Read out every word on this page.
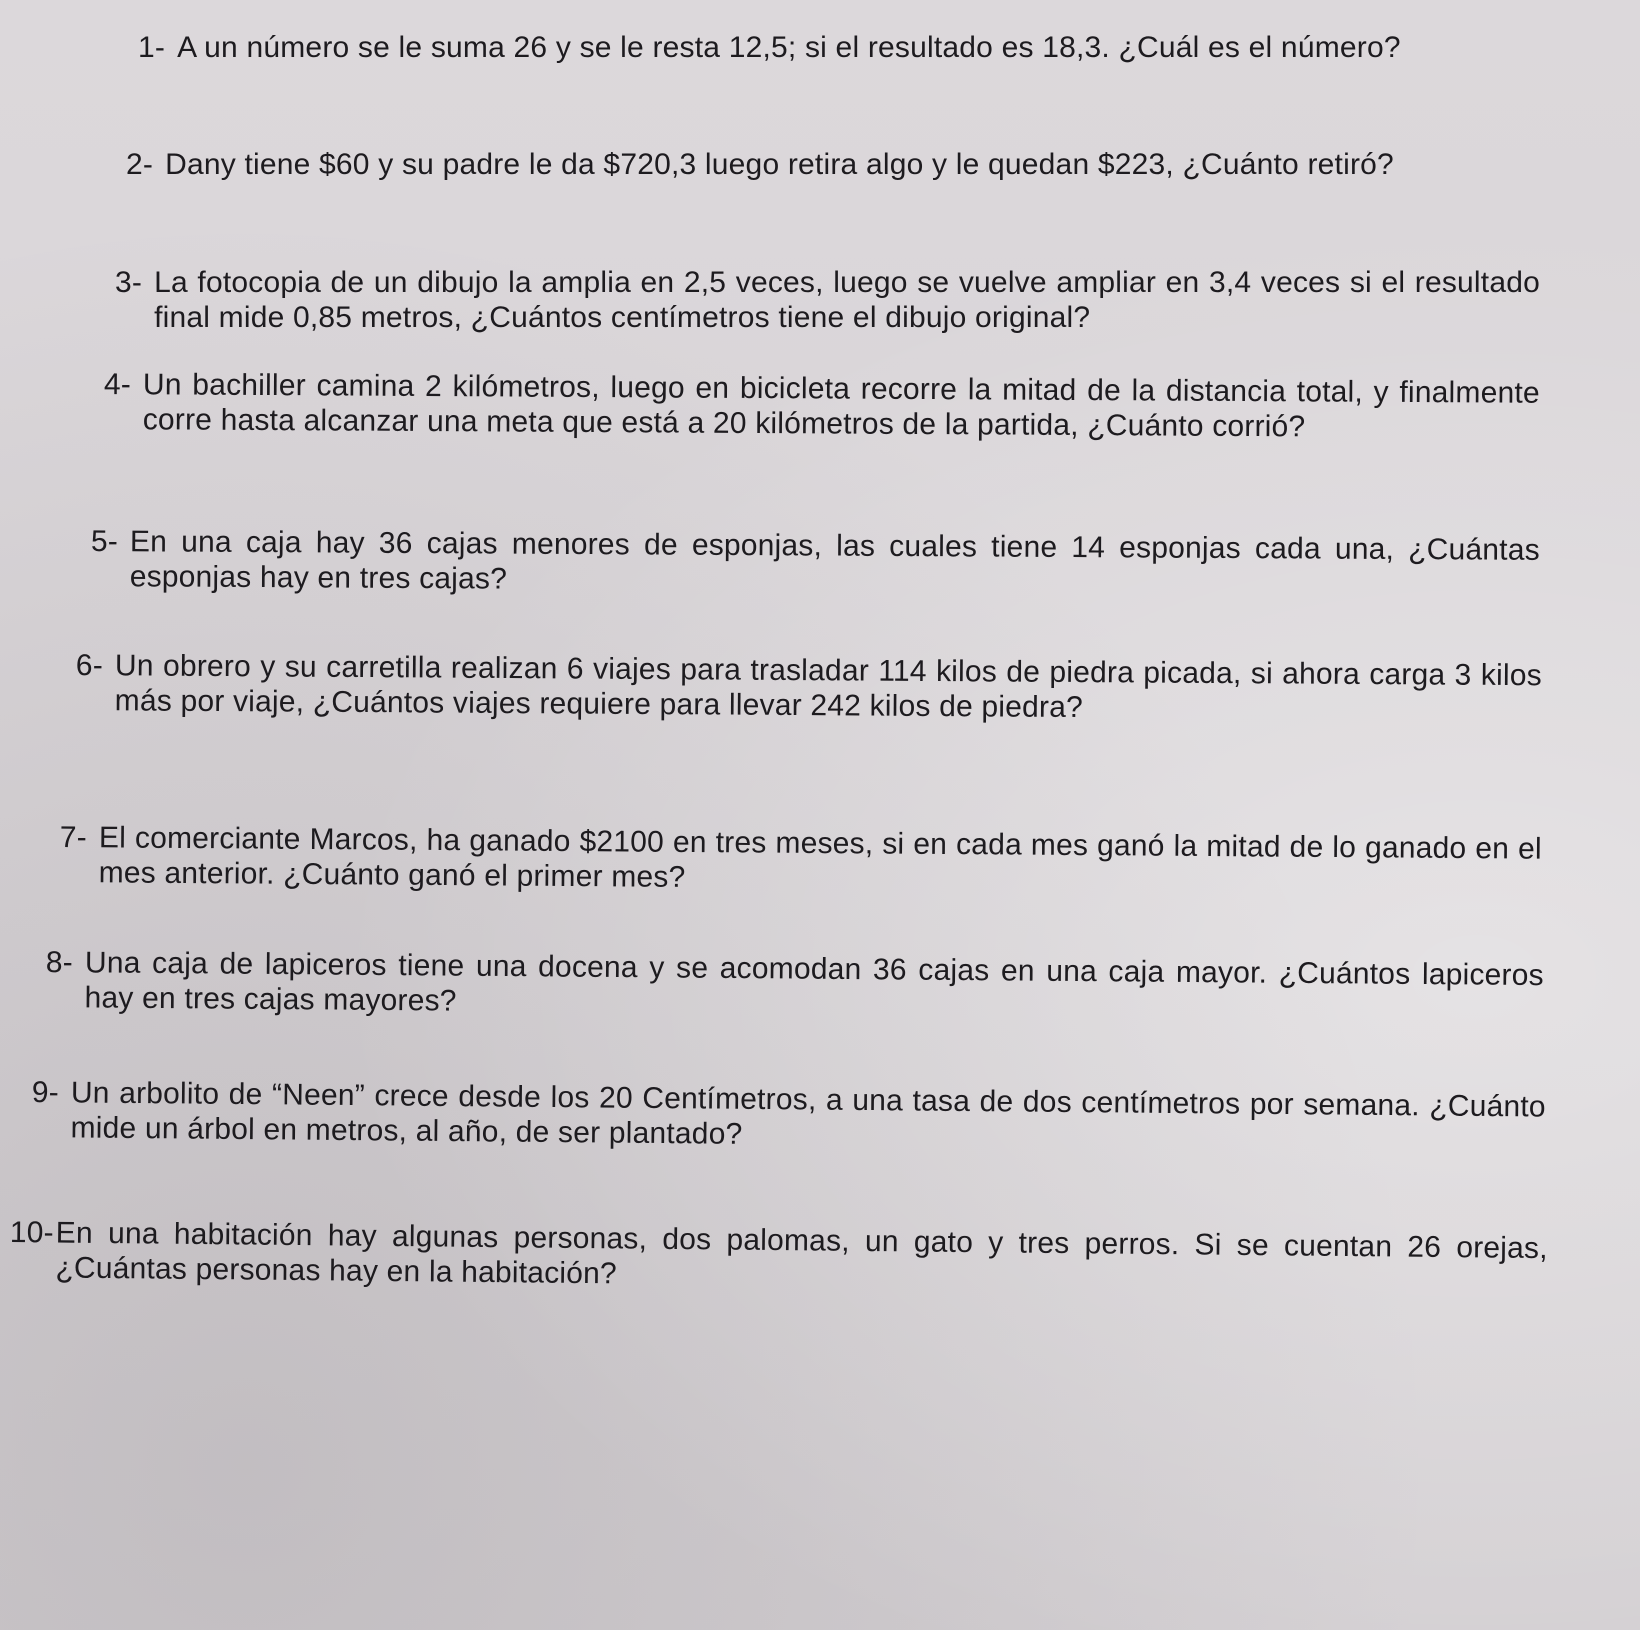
1- A un número se le suma 26 y se le resta 12,5; si el resultado es 18,3. ¿Cuál es el número?
2- Dany tiene $60 y su padre le da $720,3 luego retira algo y le quedan $223, ¿Cuánto retiró?
3- La fotocopia de un dibujo la amplia en 2,5 veces, luego se vuelve ampliar en 3,4 veces si el resultado final mide 0,85 metros, ¿Cuántos centímetros tiene el dibujo original?
4- Un bachiller camina 2 kilómetros, luego en bicicleta recorre la mitad de la distancia total, y finalmente corre hasta alcanzar una meta que está a 20 kilómetros de la partida, ¿Cuánto corrió?
5- En una caja hay 36 cajas menores de esponjas, las cuales tiene 14 esponjas cada una, ¿Cuántas esponjas hay en tres cajas?
6- Un obrero y su carretilla realizan 6 viajes para trasladar 114 kilos de piedra picada, si ahora carga 3 kilos más por viaje, ¿Cuántos viajes requiere para llevar 242 kilos de piedra?
7- El comerciante Marcos, ha ganado $2100 en tres meses, si en cada mes ganó la mitad de lo ganado en el mes anterior. ¿Cuánto ganó el primer mes?
8- Una caja de lapiceros tiene una docena y se acomodan 36 cajas en una caja mayor. ¿Cuántos lapiceros hay en tres cajas mayores?
9- Un arbolito de “Neen” crece desde los 20 Centímetros, a una tasa de dos centímetros por semana. ¿Cuánto mide un árbol en metros, al año, de ser plantado?
10- En una habitación hay algunas personas, dos palomas, un gato y tres perros. Si se cuentan 26 orejas, ¿Cuántas personas hay en la habitación?
